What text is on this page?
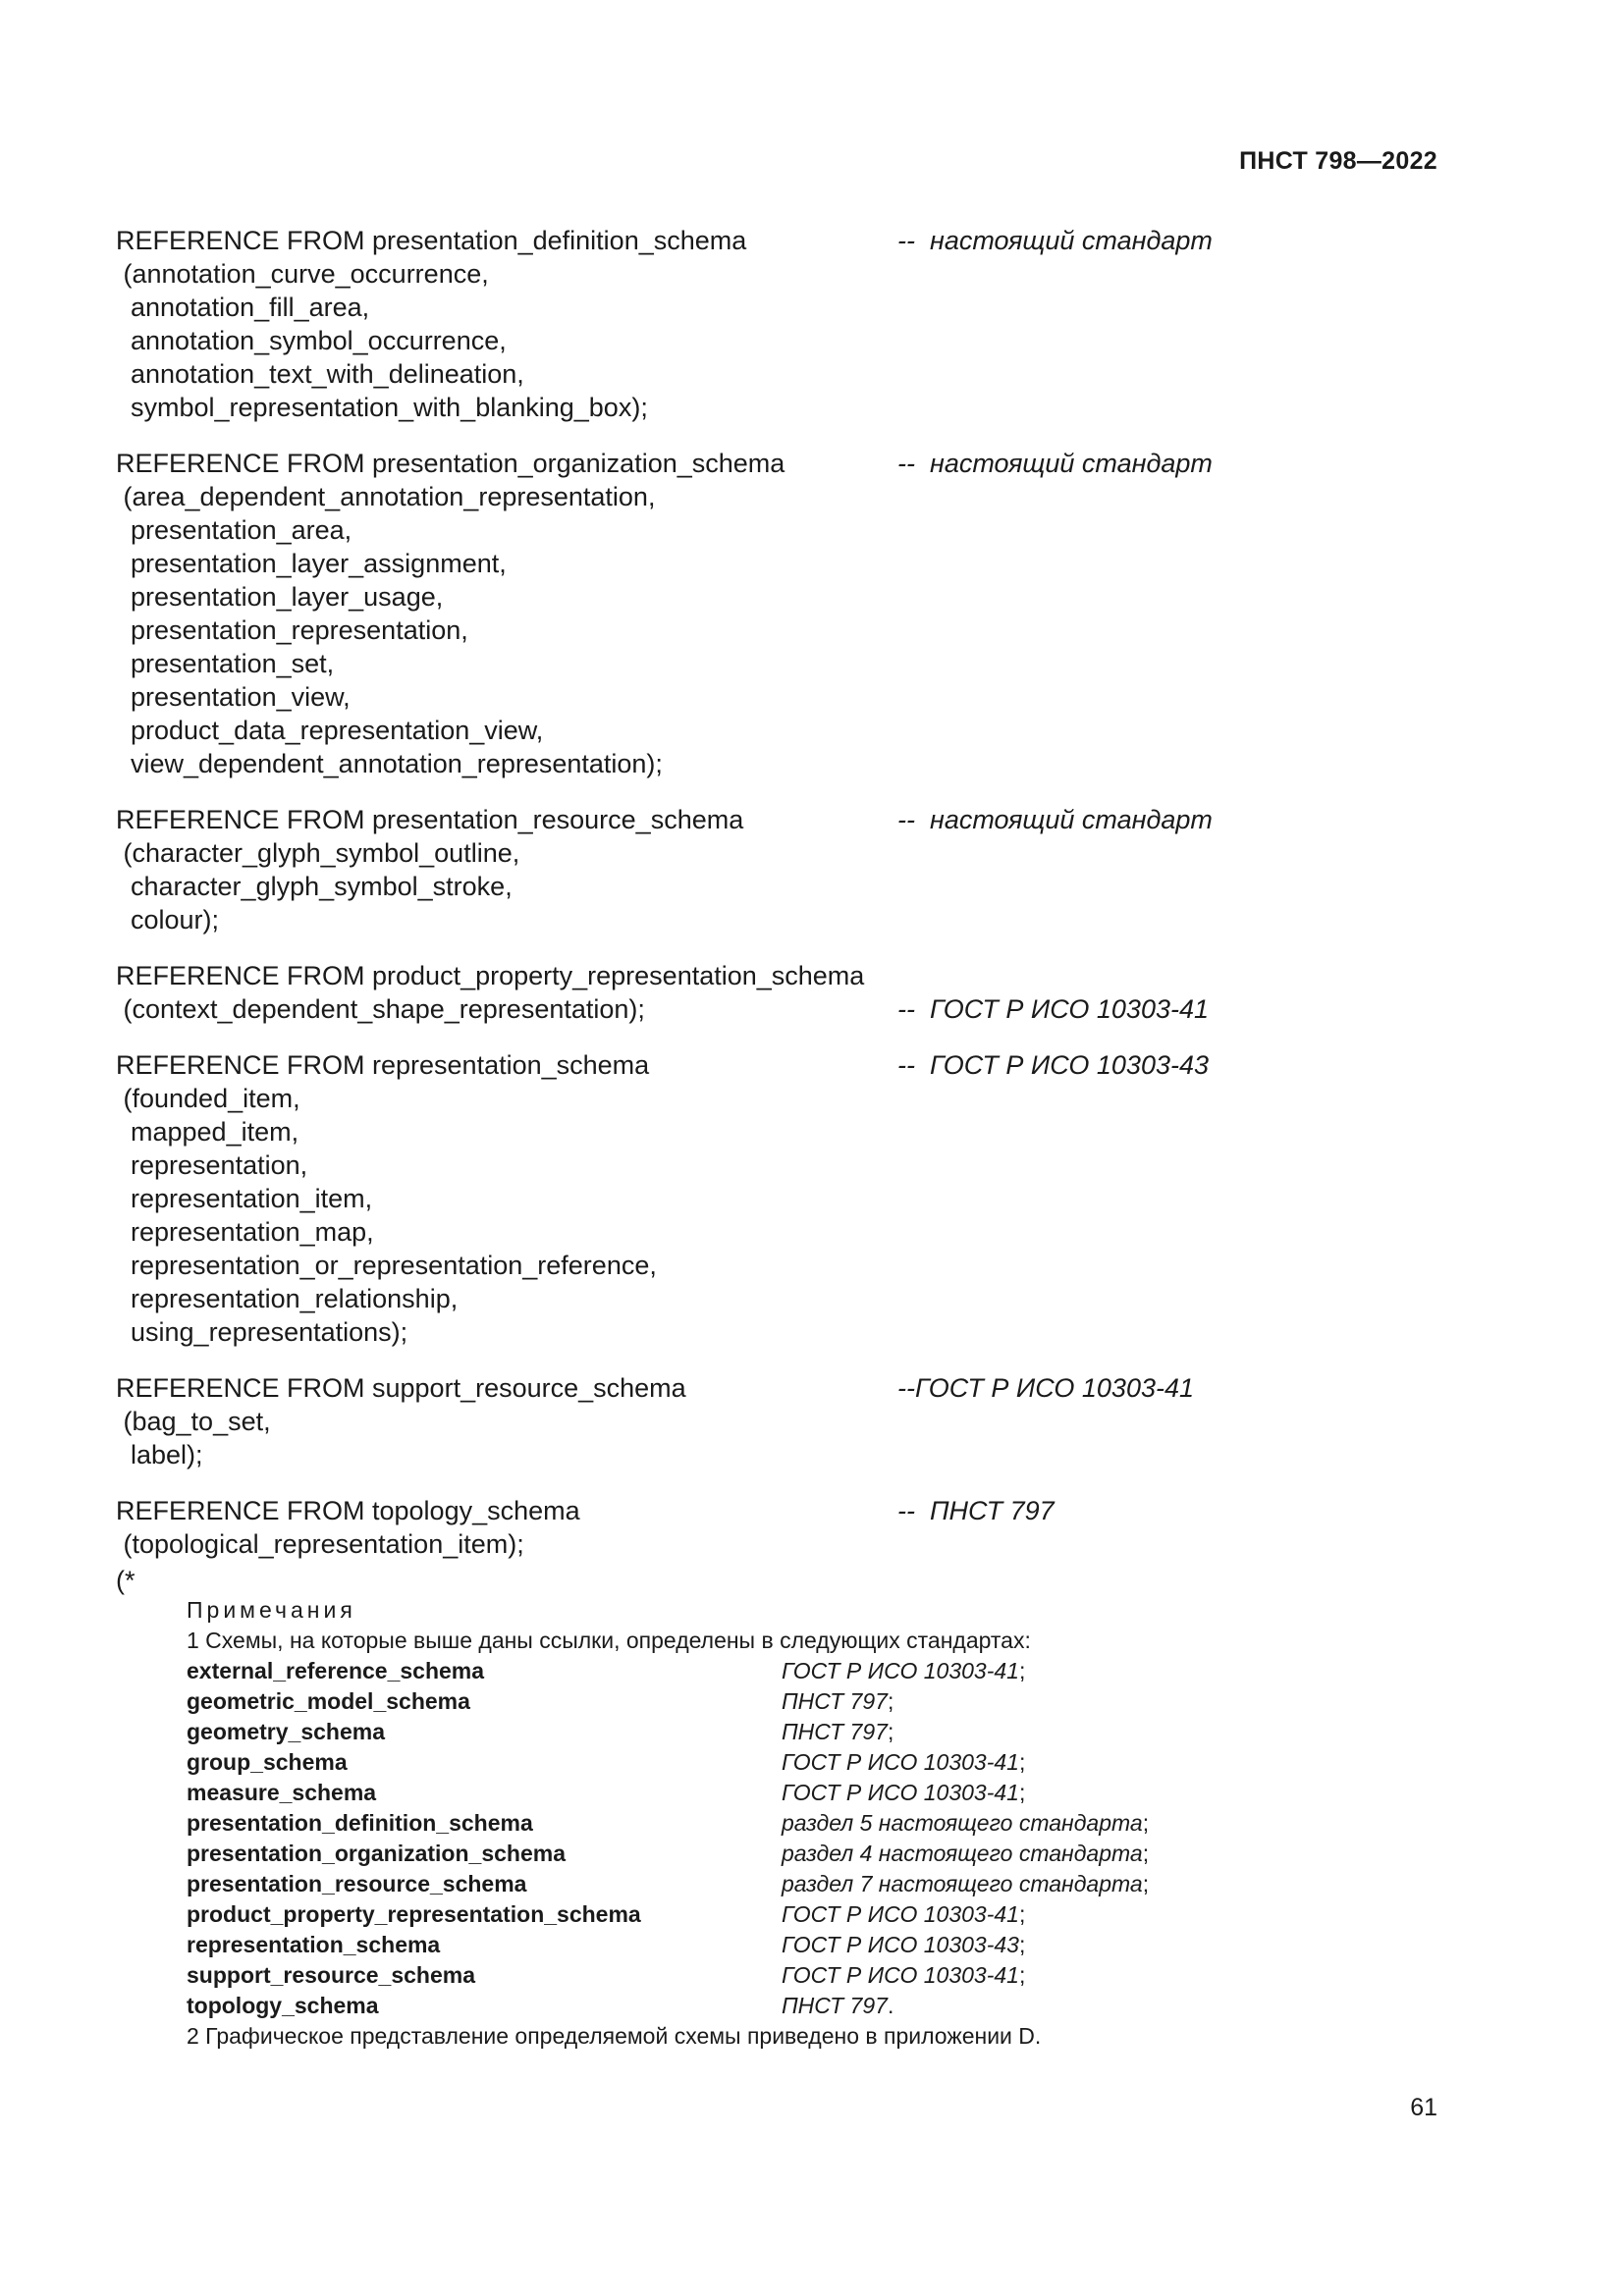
ПНСТ 798—2022
REFERENCE FROM presentation_definition_schema	--  настоящий стандарт
(annotation_curve_occurrence,
annotation_fill_area,
annotation_symbol_occurrence,
annotation_text_with_delineation,
symbol_representation_with_blanking_box);
REFERENCE FROM presentation_organization_schema	--  настоящий стандарт
(area_dependent_annotation_representation,
presentation_area,
presentation_layer_assignment,
presentation_layer_usage,
presentation_representation,
presentation_set,
presentation_view,
product_data_representation_view,
view_dependent_annotation_representation);
REFERENCE FROM presentation_resource_schema	--  настоящий стандарт
(character_glyph_symbol_outline,
character_glyph_symbol_stroke,
colour);
REFERENCE FROM product_property_representation_schema
(context_dependent_shape_representation);	--  ГОСТ Р ИСО 10303-41
REFERENCE FROM representation_schema	--  ГОСТ Р ИСО 10303-43
(founded_item,
mapped_item,
representation,
representation_item,
representation_map,
representation_or_representation_reference,
representation_relationship,
using_representations);
REFERENCE FROM support_resource_schema	--ГОСТ Р ИСО 10303-41
(bag_to_set,
label);
REFERENCE FROM topology_schema	--  ПНСТ 797
(topological_representation_item);
(*
Примечания
1 Схемы, на которые выше даны ссылки, определены в следующих стандартах:
external_reference_schema	ГОСТ Р ИСО 10303-41;
geometric_model_schema	ПНСТ 797;
geometry_schema	ПНСТ 797;
group_schema	ГОСТ Р ИСО 10303-41;
measure_schema	ГОСТ Р ИСО 10303-41;
presentation_definition_schema	раздел 5 настоящего стандарта;
presentation_organization_schema	раздел 4 настоящего стандарта;
presentation_resource_schema	раздел 7 настоящего стандарта;
product_property_representation_schema	ГОСТ Р ИСО 10303-41;
representation_schema	ГОСТ Р ИСО 10303-43;
support_resource_schema	ГОСТ Р ИСО 10303-41;
topology_schema	ПНСТ 797.
2 Графическое представление определяемой схемы приведено в приложении D.
61
